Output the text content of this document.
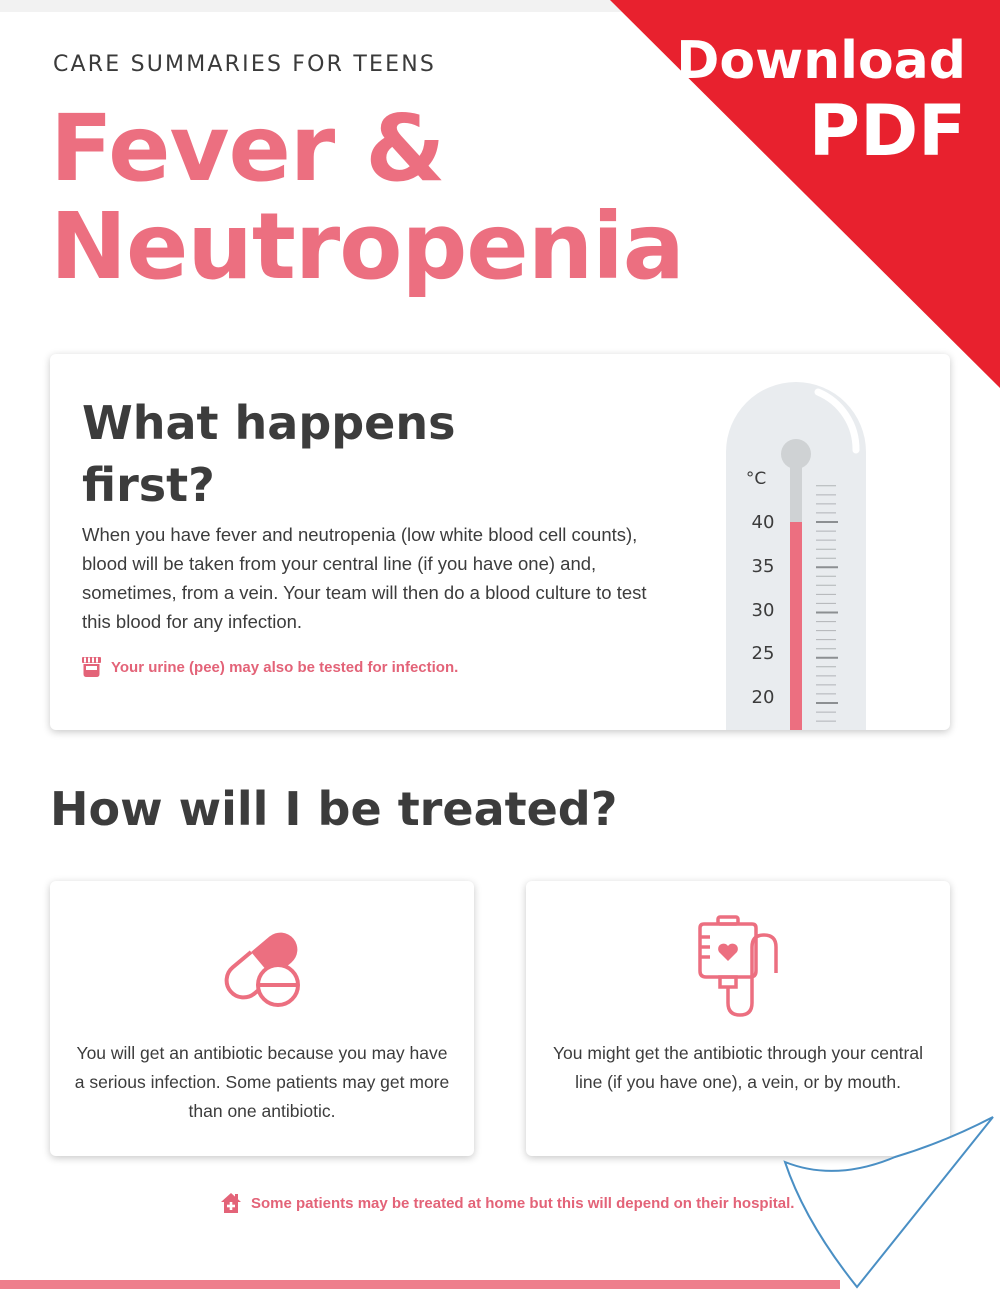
CARE SUMMARIES FOR TEENS
Fever &
Neutropenia
Download
PDF
What happens
first?

When you have fever and neutropenia (low white blood cell counts), blood will be taken from your central line (if you have one) and, sometimes, from a vein. Your team will then do a blood culture to test this blood for any infection.

Your urine (pee) may also be tested for infection.
°C
40
35
30
25
20
How will I be treated?

You will get an antibiotic because you may have a serious infection. Some patients may get more than one antibiotic.

You might get the antibiotic through your central line (if you have one), a vein, or by mouth.

Some patients may be treated at home but this will depend on their hospital.
